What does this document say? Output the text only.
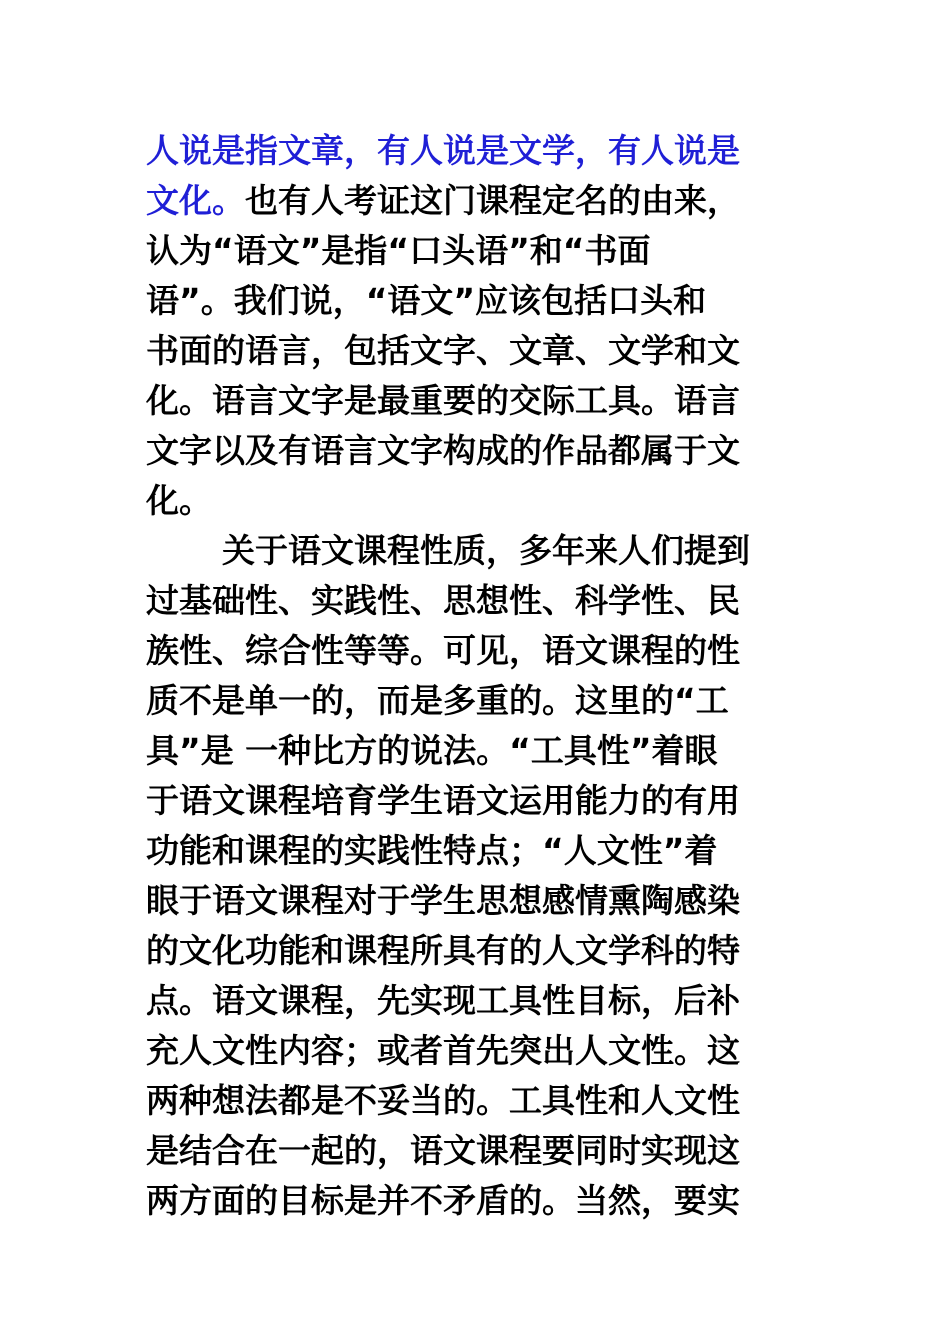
人说是指文章，有人说是文学，有人说是
文化。也有人考证这门课程定名的由来，
认为“语文”是指“口头语”和“书面
语”。我们说，“语文”应该包括口头和
书面的语言，包括文字、文章、文学和文
化。语言文字是最重要的交际工具。语言
文字以及有语言文字构成的作品都属于文
化。
关于语文课程性质，多年来人们提到
过基础性、实践性、思想性、科学性、民
族性、综合性等等。可见，语文课程的性
质不是单一的，而是多重的。这里的“工
具”是 一种比方的说法。“工具性”着眼
于语文课程培育学生语文运用能力的有用
功能和课程的实践性特点；“人文性”着
眼于语文课程对于学生思想感情熏陶感染
的文化功能和课程所具有的人文学科的特
点。语文课程，先实现工具性目标，后补
充人文性内容；或者首先突出人文性。这
两种想法都是不妥当的。工具性和人文性
是结合在一起的，语文课程要同时实现这
两方面的目标是并不矛盾的。当然，要实
